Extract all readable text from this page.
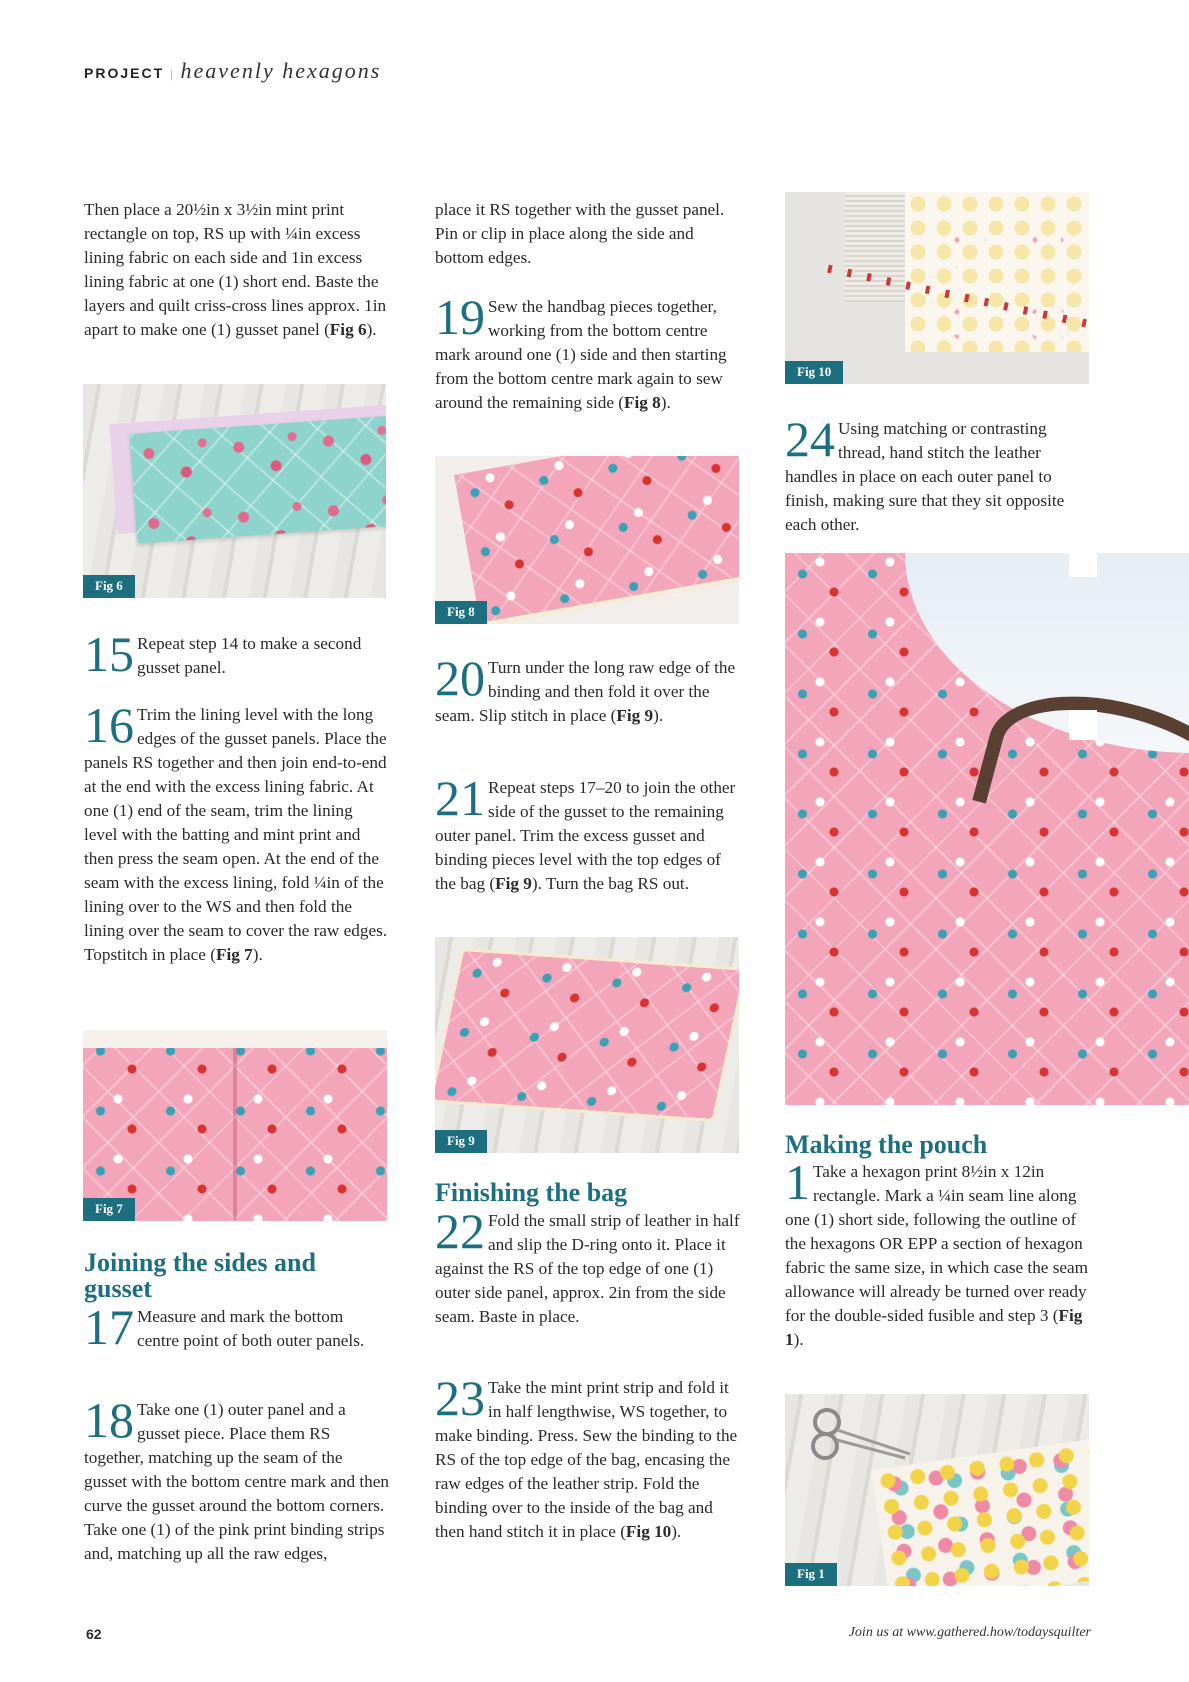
PROJECT | heavenly hexagons

Then place a 20½in x 3½in mint print rectangle on top, RS up with ¼in excess lining fabric on each side and 1in excess lining fabric at one (1) short end. Baste the layers and quilt criss-cross lines approx. 1in apart to make one (1) gusset panel (Fig 6).

Fig 6
15 Repeat step 14 to make a second gusset panel.

16 Trim the lining level with the long edges of the gusset panels. Place the panels RS together and then join end-to-end at the end with the excess lining fabric. At one (1) end of the seam, trim the lining level with the batting and mint print and then press the seam open. At the end of the seam with the excess lining, fold ¼in of the lining over to the WS and then fold the lining over the seam to cover the raw edges. Topstitch in place (Fig 7).

Fig 7
Joining the sides and gusset
17 Measure and mark the bottom centre point of both outer panels.

18 Take one (1) outer panel and a gusset piece. Place them RS together, matching up the seam of the gusset with the bottom centre mark and then curve the gusset around the bottom corners. Take one (1) of the pink print binding strips and, matching up all the raw edges,

place it RS together with the gusset panel. Pin or clip in place along the side and bottom edges.

19 Sew the handbag pieces together, working from the bottom centre mark around one (1) side and then starting from the bottom centre mark again to sew around the remaining side (Fig 8).

Fig 8
20 Turn under the long raw edge of the binding and then fold it over the seam. Slip stitch in place (Fig 9).

21 Repeat steps 17–20 to join the other side of the gusset to the remaining outer panel. Trim the excess gusset and binding pieces level with the top edges of the bag (Fig 9). Turn the bag RS out.

Fig 9
Finishing the bag
22 Fold the small strip of leather in half and slip the D-ring onto it. Place it against the RS of the top edge of one (1) outer side panel, approx. 2in from the side seam. Baste in place.

23 Take the mint print strip and fold it in half lengthwise, WS together, to make binding. Press. Sew the binding to the RS of the top edge of the bag, encasing the raw edges of the leather strip. Fold the binding over to the inside of the bag and then hand stitch it in place (Fig 10).

Fig 10
24 Using matching or contrasting thread, hand stitch the leather handles in place on each outer panel to finish, making sure that they sit opposite each other.

Making the pouch
1 Take a hexagon print 8½in x 12in rectangle. Mark a ¼in seam line along one (1) short side, following the outline of the hexagons OR EPP a section of hexagon fabric the same size, in which case the seam allowance will already be turned over ready for the double-sided fusible and step 3 (Fig 1).

Fig 1
62	Join us at www.gathered.how/todaysquilter
